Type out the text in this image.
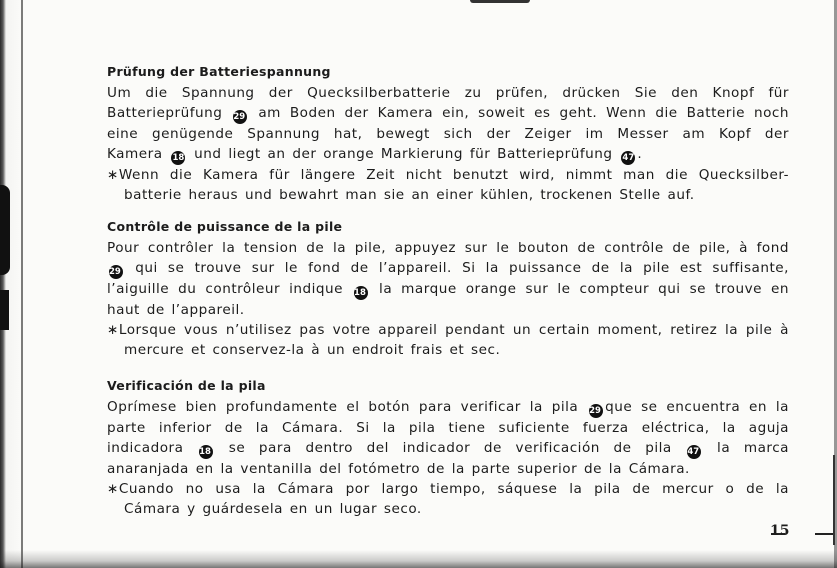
Prüfung der Batteriespannung
Um die Spannung der Quecksilberbatterie zu prüfen, drücken Sie den Knopf für
Batterieprüfung 29 am Boden der Kamera ein, soweit es geht. Wenn die Batterie noch
eine genügende Spannung hat, bewegt sich der Zeiger im Messer am Kopf der
Kamera 18 und liegt an der orange Markierung für Batterieprüfung 47 .
∗Wenn die Kamera für längere Zeit nicht benutzt wird, nimmt man die Quecksilber-
batterie heraus und bewahrt man sie an einer kühlen, trockenen Stelle auf.
Contrôle de puissance de la pile
Pour contrôler la tension de la pile, appuyez sur le bouton de contrôle de pile, à fond
29 qui se trouve sur le fond de l’appareil. Si la puissance de la pile est suffisante,
l’aiguille du contrôleur indique 18 la marque orange sur le compteur qui se trouve en
haut de l’appareil.
∗Lorsque vous n’utilisez pas votre appareil pendant un certain moment, retirez la pile à
mercure et conservez-la à un endroit frais et sec.
Verificación de la pila
Oprímese bien profundamente el botón para verificar la pila 29 que se encuentra en la
parte inferior de la Cámara. Si la pila tiene suficiente fuerza eléctrica, la aguja
indicadora 18 se para dentro del indicador de verificación de pila 47 la marca
anaranjada en la ventanilla del fotómetro de la parte superior de la Cámara.
∗Cuando no usa la Cámara por largo tiempo, sáquese la pila de mercur o de la
Cámara y guárdesela en un lugar seco.
15
